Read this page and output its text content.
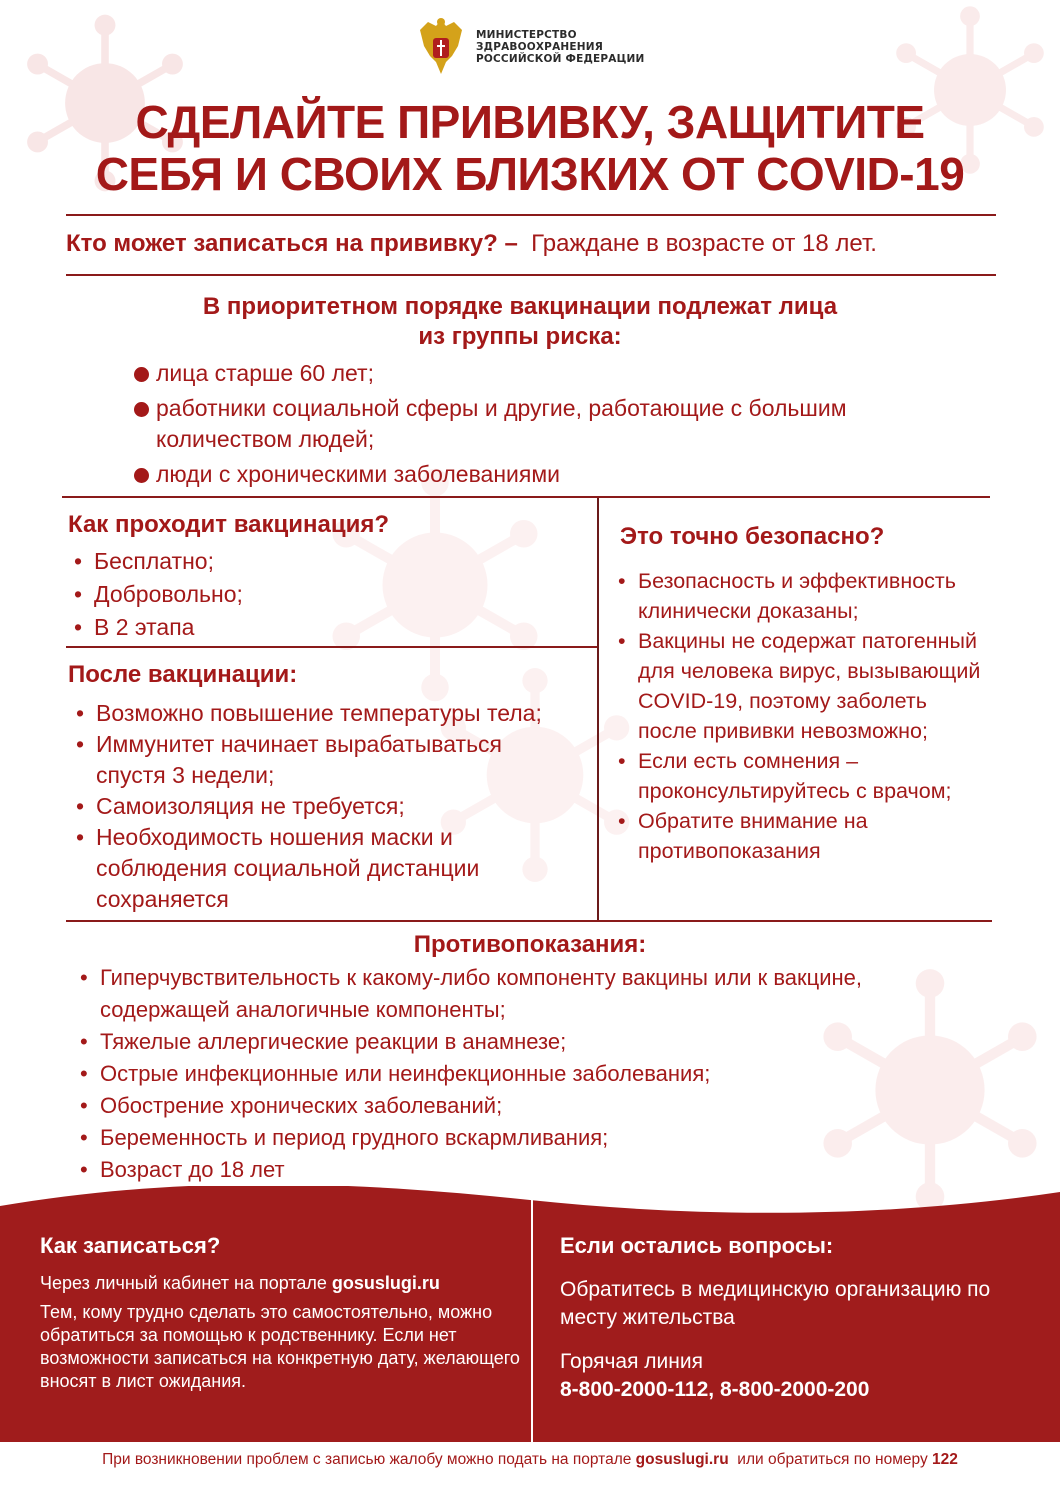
МИНИСТЕРСТВО
ЗДРАВООХРАНЕНИЯ
РОССИЙСКОЙ ФЕДЕРАЦИИ
СДЕЛАЙТЕ ПРИВИВКУ, ЗАЩИТИТЕ
СЕБЯ И СВОИХ БЛИЗКИХ ОТ COVID-19
Кто может записаться на прививку? – Граждане в возрасте от 18 лет.
В приоритетном порядке вакцинации подлежат лица
из группы риска:
лица старше 60 лет;
работники социальной сферы и другие, работающие с большим количеством людей;
люди с хроническими заболеваниями
Как проходит вакцинация?
• Бесплатно;
• Добровольно;
• В 2 этапа
После вакцинации:
• Возможно повышение температуры тела;
• Иммунитет начинает вырабатываться спустя 3 недели;
• Самоизоляция не требуется;
• Необходимость ношения маски и соблюдения социальной дистанции сохраняется
Это точно безопасно?
• Безопасность и эффективность клинически доказаны;
• Вакцины не содержат патогенный для человека вирус, вызывающий COVID-19, поэтому заболеть после прививки невозможно;
• Если есть сомнения – проконсультируйтесь с врачом;
• Обратите внимание на противопоказания
Противопоказания:
• Гиперчувствительность к какому-либо компоненту вакцины или к вакцине, содержащей аналогичные компоненты;
• Тяжелые аллергические реакции в анамнезе;
• Острые инфекционные или неинфекционные заболевания;
• Обострение хронических заболеваний;
• Беременность и период грудного вскармливания;
• Возраст до 18 лет
Как записаться?
Через личный кабинет на портале gosuslugi.ru
Тем, кому трудно сделать это самостоятельно, можно обратиться за помощью к родственнику. Если нет возможности записаться на конкретную дату, желающего вносят в лист ожидания.
Если остались вопросы:
Обратитесь в медицинскую организацию по месту жительства
Горячая линия
8-800-2000-112, 8-800-2000-200
При возникновении проблем с записью жалобу можно подать на портале gosuslugi.ru  или обратиться по номеру 122
